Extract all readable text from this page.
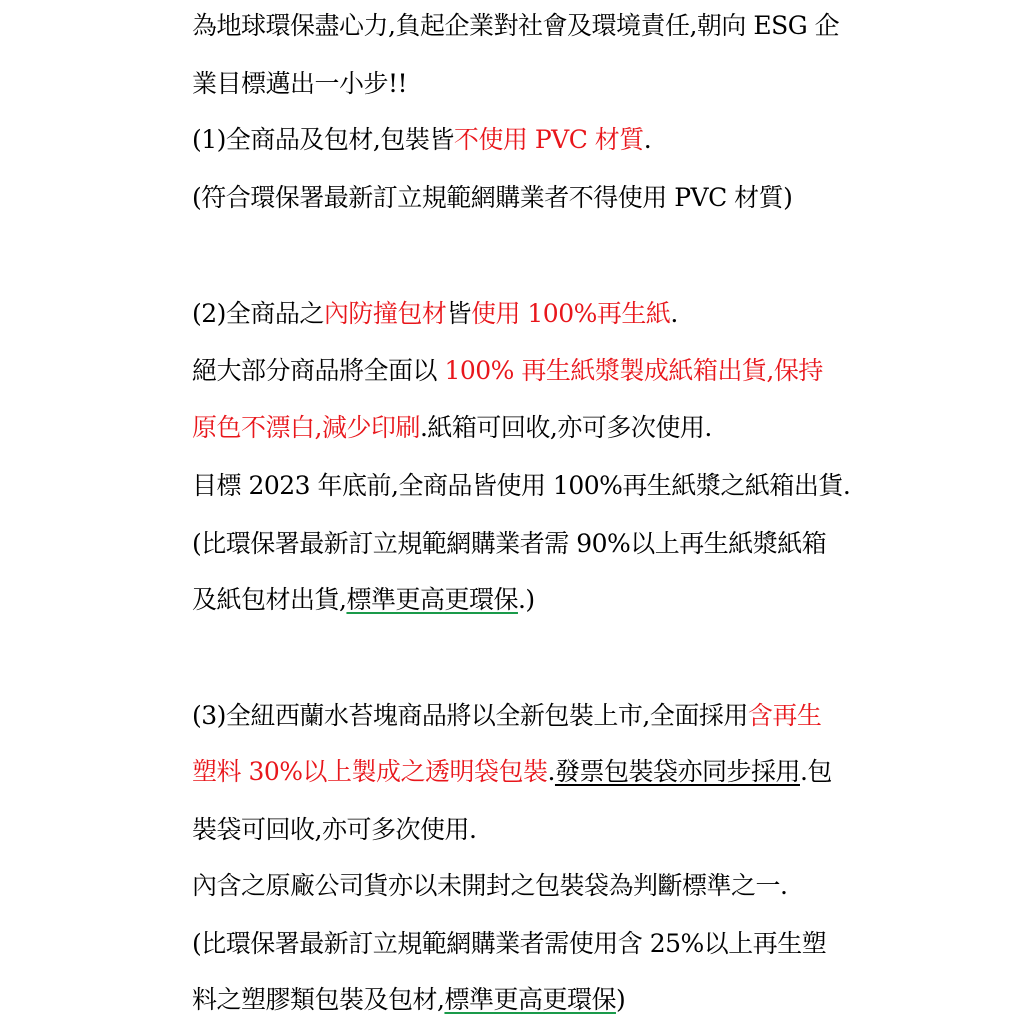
為地球環保盡心力,負起企業對社會及環境責任,朝向 ESG 企
業目標邁出一小步!!
(1)全商品及包材,包裝皆不使用 PVC 材質.
(符合環保署最新訂立規範網購業者不得使用 PVC 材質)
(2)全商品之內防撞包材皆使用 100%再生紙.
絕大部分商品將全面以 100% 再生紙漿製成紙箱出貨,保持
原色不漂白,減少印刷.紙箱可回收,亦可多次使用.
目標 2023 年底前,全商品皆使用 100%再生紙漿之紙箱出貨.
(比環保署最新訂立規範網購業者需 90%以上再生紙漿紙箱
及紙包材出貨,標準更高更環保.)
(3)全紐西蘭水苔塊商品將以全新包裝上市,全面採用含再生
塑料 30%以上製成之透明袋包裝.發票包裝袋亦同步採用.包
裝袋可回收,亦可多次使用.
內含之原廠公司貨亦以未開封之包裝袋為判斷標準之一.
(比環保署最新訂立規範網購業者需使用含 25%以上再生塑
料之塑膠類包裝及包材,標準更高更環保)
